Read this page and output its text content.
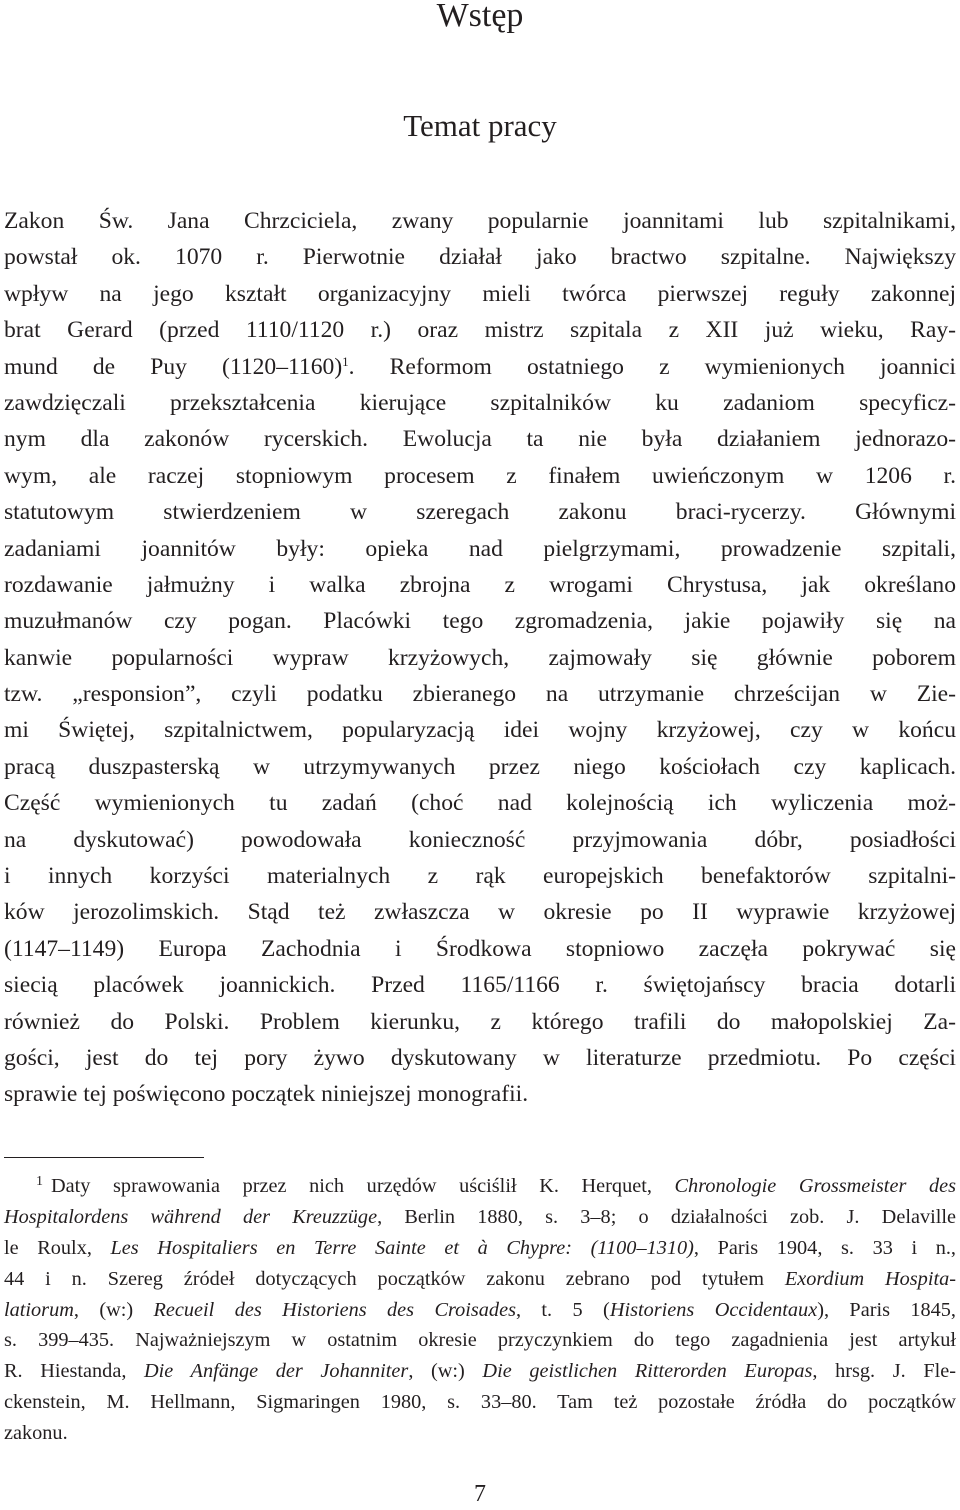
Wstęp
Temat pracy
Zakon Św. Jana Chrzciciela, zwany popularnie joannitami lub szpitalnikami,
powstał ok. 1070 r. Pierwotnie działał jako bractwo szpitalne. Największy
wpływ na jego kształt organizacyjny mieli twórca pierwszej reguły zakonnej
brat Gerard (przed 1110/1120 r.) oraz mistrz szpitala z XII już wieku, Ray-
mund de Puy (1120–1160)$^1$. Reformom ostatniego z wymienionych joannici
zawdzięczali przekształcenia kierujące szpitalników ku zadaniom specyficz-
nym dla zakonów rycerskich. Ewolucja ta nie była działaniem jednorazo-
wym, ale raczej stopniowym procesem z finałem uwieńczonym w 1206 r.
statutowym stwierdzeniem w szeregach zakonu braci-rycerzy. Głównymi
zadaniami joannitów były: opieka nad pielgrzymami, prowadzenie szpitali,
rozdawanie jałmużny i walka zbrojna z wrogami Chrystusa, jak określano
muzułmanów czy pogan. Placówki tego zgromadzenia, jakie pojawiły się na
kanwie popularności wypraw krzyżowych, zajmowały się głównie poborem
tzw. „responsion”, czyli podatku zbieranego na utrzymanie chrześcijan w Zie-
mi Świętej, szpitalnictwem, popularyzacją idei wojny krzyżowej, czy w końcu
pracą duszpasterską w utrzymywanych przez niego kościołach czy kaplicach.
Część wymienionych tu zadań (choć nad kolejnością ich wyliczenia moż-
na dyskutować) powodowała konieczność przyjmowania dóbr, posiadłości
i innych korzyści materialnych z rąk europejskich benefaktorów szpitalni-
ków jerozolimskich. Stąd też zwłaszcza w okresie po II wyprawie krzyżowej
(1147–1149) Europa Zachodnia i Środkowa stopniowo zaczęła pokrywać się
siecią placówek joannickich. Przed 1165/1166 r. świętojańscy bracia dotarli
również do Polski. Problem kierunku, z którego trafili do małopolskiej Za-
gości, jest do tej pory żywo dyskutowany w literaturze przedmiotu. Po części
sprawie tej poświęcono początek niniejszej monografii.
$^1$ Daty sprawowania przez nich urzędów uściślił K. Herquet, Chronologie Grossmeister des
Hospitalordens während der Kreuzzüge, Berlin 1880, s. 3–8; o działalności zob. J. Delaville
le Roulx, Les Hospitaliers en Terre Sainte et à Chypre: (1100–1310), Paris 1904, s. 33 i n.,
44 i n. Szereg źródeł dotyczących początków zakonu zebrano pod tytułem Exordium Hospita-
latiorum, (w:) Recueil des Historiens des Croisades, t. 5 (Historiens Occidentaux), Paris 1845,
s. 399–435. Najważniejszym w ostatnim okresie przyczynkiem do tego zagadnienia jest artykuł
R. Hiestanda, Die Anfänge der Johanniter, (w:) Die geistlichen Ritterorden Europas, hrsg. J. Fle-
ckenstein, M. Hellmann, Sigmaringen 1980, s. 33–80. Tam też pozostałe źródła do początków
zakonu.
7
